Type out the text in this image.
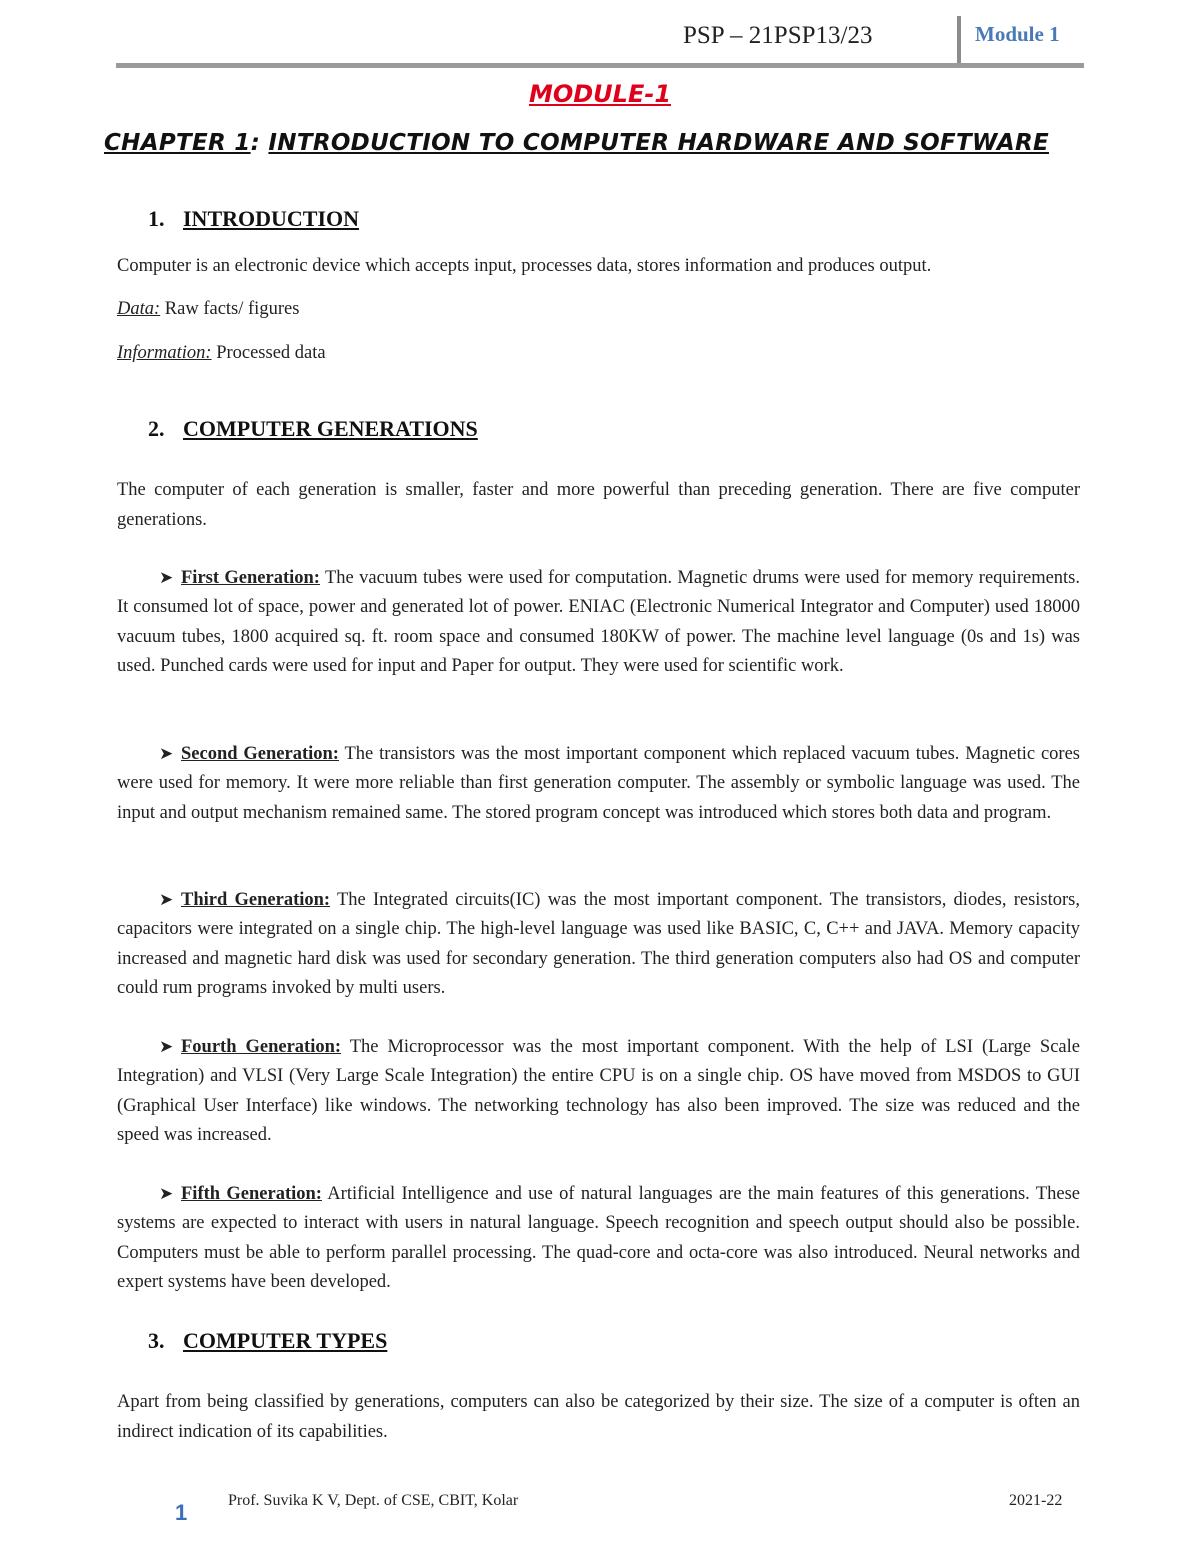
PSP – 21PSP13/23	Module 1
MODULE-1
CHAPTER 1: INTRODUCTION TO COMPUTER HARDWARE AND SOFTWARE
1. INTRODUCTION
Computer is an electronic device which accepts input, processes data, stores information and produces output.
Data: Raw facts/ figures
Information: Processed data
2. COMPUTER GENERATIONS
The computer of each generation is smaller, faster and more powerful than preceding generation. There are five computer generations.
➤ First Generation: The vacuum tubes were used for computation. Magnetic drums were used for memory requirements. It consumed lot of space, power and generated lot of power. ENIAC (Electronic Numerical Integrator and Computer) used 18000 vacuum tubes, 1800 acquired sq. ft. room space and consumed 180KW of power. The machine level language (0s and 1s) was used. Punched cards were used for input and Paper for output. They were used for scientific work.
➤ Second Generation: The transistors was the most important component which replaced vacuum tubes. Magnetic cores were used for memory. It were more reliable than first generation computer. The assembly or symbolic language was used. The input and output mechanism remained same. The stored program concept was introduced which stores both data and program.
➤ Third Generation: The Integrated circuits(IC) was the most important component. The transistors, diodes, resistors, capacitors were integrated on a single chip. The high-level language was used like BASIC, C, C++ and JAVA. Memory capacity increased and magnetic hard disk was used for secondary generation. The third generation computers also had OS and computer could rum programs invoked by multi users.
➤ Fourth Generation: The Microprocessor was the most important component. With the help of LSI (Large Scale Integration) and VLSI (Very Large Scale Integration) the entire CPU is on a single chip. OS have moved from MSDOS to GUI (Graphical User Interface) like windows. The networking technology has also been improved. The size was reduced and the speed was increased.
➤ Fifth Generation: Artificial Intelligence and use of natural languages are the main features of this generations. These systems are expected to interact with users in natural language. Speech recognition and speech output should also be possible. Computers must be able to perform parallel processing. The quad-core and octa-core was also introduced. Neural networks and expert systems have been developed.
3. COMPUTER TYPES
Apart from being classified by generations, computers can also be categorized by their size. The size of a computer is often an indirect indication of its capabilities.
1	Prof. Suvika K V, Dept. of CSE, CBIT, Kolar	2021-22
